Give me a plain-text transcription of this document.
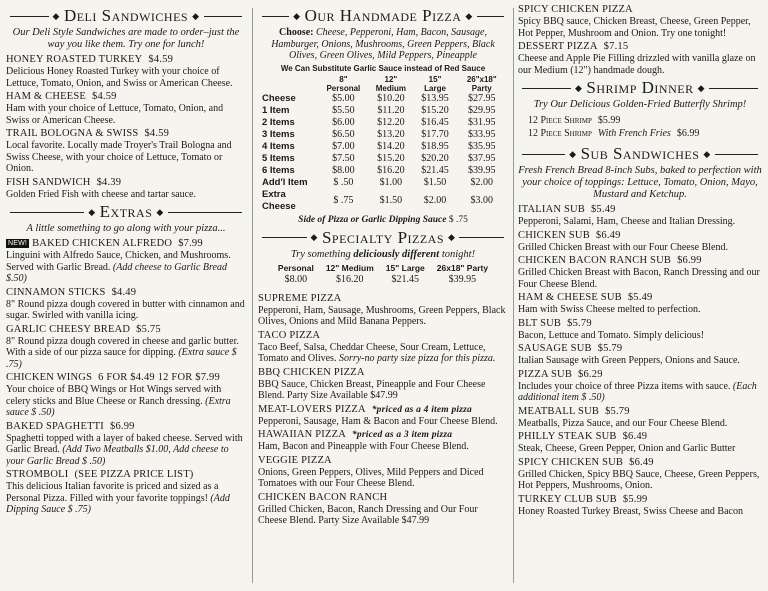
◆ Deli Sandwiches ◆
Our Deli Style Sandwiches are made to order–just the way you like them. Try one for lunch!
HONEY ROASTED TURKEY $4.59
Delicious Honey Roasted Turkey with your choice of Lettuce, Tomato, Onion, and Swiss or American Cheese.
HAM & CHEESE $4.59
Ham with your choice of Lettuce, Tomato, Onion, and Swiss or American Cheese.
TRAIL BOLOGNA & SWISS $4.59
Local favorite. Locally made Troyer's Trail Bologna and Swiss Cheese, with your choice of Lettuce, Tomato or Onion.
FISH SANDWICH $4.39
Golden Fried Fish with cheese and tartar sauce.
◆ Extras ◆
A little something to go along with your pizza...
NEW! BAKED CHICKEN ALFREDO $7.99
Linguini with Alfredo Sauce, Chicken, and Mushrooms. Served with Garlic Bread. (Add cheese to Garlic Bread $.50)
CINNAMON STICKS $4.49
8" Round pizza dough covered in butter with cinnamon and sugar. Swirled with vanilla icing.
GARLIC CHEESY BREAD $5.75
8" Round pizza dough covered in cheese and garlic butter. With a side of our pizza sauce for dipping. (Extra sauce $ .75)
CHICKEN WINGS 6 FOR $4.49 12 FOR $7.99
Your choice of BBQ Wings or Hot Wings served with celery sticks and Blue Cheese or Ranch dressing. (Extra sauce $ .50)
BAKED SPAGHETTI $6.99
Spaghetti topped with a layer of baked cheese. Served with Garlic Bread. (Add Two Meatballs $1.00, Add cheese to your Garlic Bread $ .50)
STROMBOLI (SEE PIZZA PRICE LIST)
This delicious Italian favorite is priced and sized as a Personal Pizza. Filled with your favorite toppings! (Add Dipping Sauce $ .75)
◆ Our Handmade Pizza ◆
Choose: Cheese, Pepperoni, Ham, Bacon, Sausage, Hamburger, Onions, Mushrooms, Green Peppers, Black Olives, Green Olives, Mild Peppers, Pineapple
We Can Substitute Garlic Sauce instead of Red Sauce
	8" Personal	12" Medium	15" Large	26"x18" Party
Cheese	$5.00	$10.20	$13.95	$27.95
1 Item	$5.50	$11.20	$15.20	$29.95
2 Items	$6.00	$12.20	$16.45	$31.95
3 Items	$6.50	$13.20	$17.70	$33.95
4 Items	$7.00	$14.20	$18.95	$35.95
5 Items	$7.50	$15.20	$20.20	$37.95
6 Items	$8.00	$16.20	$21.45	$39.95
Add'l Item	$ .50	$1.00	$1.50	$2.00
Extra Cheese	$ .75	$1.50	$2.00	$3.00
Side of Pizza or Garlic Dipping Sauce $ .75
◆ Specialty Pizzas ◆
Try something deliciously different tonight!
Personal	12" Medium	15" Large	26x18" Party
$8.00	$16.20	$21.45	$39.95
SUPREME PIZZA
Pepperoni, Ham, Sausage, Mushrooms, Green Peppers, Black Olives, Onions and Mild Banana Peppers.
TACO PIZZA
Taco Beef, Salsa, Cheddar Cheese, Sour Cream, Lettuce, Tomato and Olives. Sorry-no party size pizza for this pizza.
BBQ CHICKEN PIZZA
BBQ Sauce, Chicken Breast, Pineapple and Four Cheese Blend. Party Size Available $47.99
MEAT-LOVERS PIZZA *priced as a 4 item pizza
Pepperoni, Sausage, Ham & Bacon and Four Cheese Blend.
HAWAIIAN PIZZA *priced as a 3 item pizza
Ham, Bacon and Pineapple with Four Cheese Blend.
VEGGIE PIZZA
Onions, Green Peppers, Olives, Mild Peppers and Diced Tomatoes with our Four Cheese Blend.
CHICKEN BACON RANCH
Grilled Chicken, Bacon, Ranch Dressing and Our Four Cheese Blend. Party Size Available $47.99
SPICY CHICKEN PIZZA
Spicy BBQ sauce, Chicken Breast, Cheese, Green Pepper, Hot Pepper, Mushroom and Onion. Try one tonight!
DESSERT PIZZA $7.15
Cheese and Apple Pie Filling drizzled with vanilla glaze on our Medium (12") handmade dough.
◆ Shrimp Dinner ◆
Try Our Delicious Golden-Fried Butterfly Shrimp!
12 Piece Shrimp $5.99
12 Piece Shrimp With French Fries $6.99
◆ Sub Sandwiches ◆
Fresh French Bread 8-inch Subs, baked to perfection with your choice of toppings: Lettuce, Tomato, Onion, Mayo, Mustard and Ketchup.
ITALIAN SUB $5.49
Pepperoni, Salami, Ham, Cheese and Italian Dressing.
CHICKEN SUB $6.49
Grilled Chicken Breast with our Four Cheese Blend.
CHICKEN BACON RANCH SUB $6.99
Grilled Chicken Breast with Bacon, Ranch Dressing and our Four Cheese Blend.
HAM & CHEESE SUB $5.49
Ham with Swiss Cheese melted to perfection.
BLT SUB $5.79
Bacon, Lettuce and Tomato. Simply delicious!
SAUSAGE SUB $5.79
Italian Sausage with Green Peppers, Onions and Sauce.
PIZZA SUB $6.29
Includes your choice of three Pizza items with sauce. (Each additional item $ .50)
MEATBALL SUB $5.79
Meatballs, Pizza Sauce, and our Four Cheese Blend.
PHILLY STEAK SUB $6.49
Steak, Cheese, Green Pepper, Onion and Garlic Butter
SPICY CHICKEN SUB $6.49
Grilled Chicken, Spicy BBQ Sauce, Cheese, Green Peppers, Hot Peppers, Mushrooms, Onion.
TURKEY CLUB SUB $5.99
Honey Roasted Turkey Breast, Swiss Cheese and Bacon
